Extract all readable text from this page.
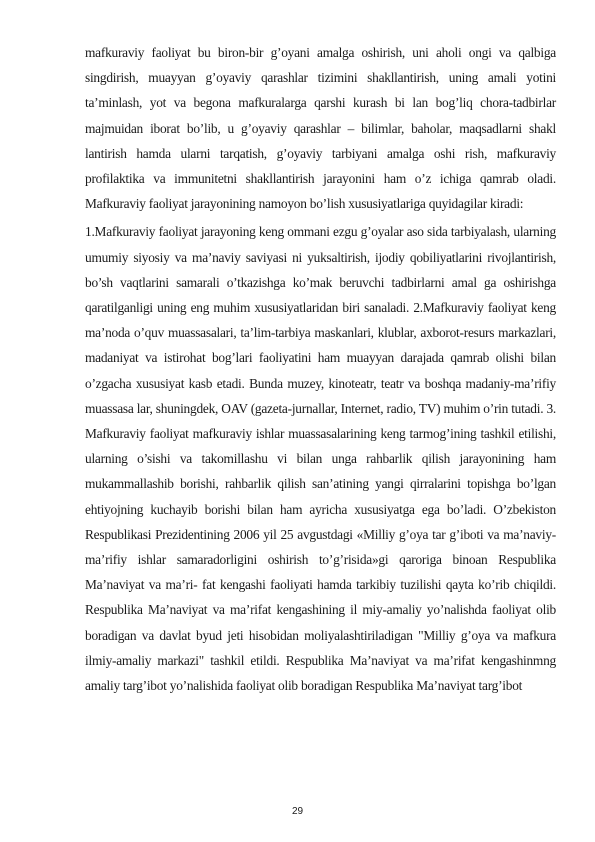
mafkuraviy faoliyat bu biron-bir g’oyani amalga oshirish, uni aholi ongi va qalbiga singdirish, muayyan g’oyaviy qarashlar tizimini shakllantirish, uning amali yotini ta’minlash, yot va begona mafkuralarga qarshi kurash bi lan bog’liq chora-tadbirlar majmuidan iborat bo’lib, u g’oyaviy qarashlar – bilimlar, baholar, maqsadlarni shakl lantirish hamda ularni tarqatish, g’oyaviy tarbiyani amalga oshi rish, mafkuraviy profilaktika va immunitetni shakllantirish jarayonini ham o’z ichiga qamrab oladi. Mafkuraviy faoliyat jarayonining namoyon bo’lish xususiyatlariga quyidagilar kiradi:

1.Mafkuraviy faoliyat jarayoning keng ommani ezgu g’oyalar aso sida tarbiyalash, ularning umumiy siyosiy va ma’naviy saviyasi ni yuksaltirish, ijodiy qobiliyatlarini rivojlantirish, bo’sh vaqtlarini samarali o’tkazishga ko’mak beruvchi tadbirlarni amal ga oshirishga qaratilganligi uning eng muhim xususiyatlaridan biri sanaladi. 2.Mafkuraviy faoliyat keng ma’noda o’quv muassasalari, ta’lim-tarbiya maskanlari, klublar, axborot-resurs markazlari, madaniyat va istirohat bog’lari faoliyatini ham muayyan darajada qamrab olishi bilan o’zgacha xususiyat kasb etadi. Bunda muzey, kinoteatr, teatr va boshqa madaniy-ma’rifiy muassasa lar, shuningdek, OAV (gazeta-jurnallar, Internet, radio, TV) muhim o’rin tutadi. 3. Mafkuraviy faoliyat mafkuraviy ishlar muassasalarining keng tarmog’ining tashkil etilishi, ularning o’sishi va takomillashu vi bilan unga rahbarlik qilish jarayonining ham mukammallashib borishi, rahbarlik qilish san’atining yangi qirralarini topishga bo’lgan ehtiyojning kuchayib borishi bilan ham ayricha xususiyatga ega bo’ladi. O’zbekiston Respublikasi Prezidentining 2006 yil 25 avgustdagi «Milliy g’oya tar g’iboti va ma’naviy-ma’rifiy ishlar samaradorligini oshirish to’g’risida»gi qaroriga binoan Respublika Ma’naviyat va ma’ri- fat kengashi faoliyati hamda tarkibiy tuzilishi qayta ko’rib chiqildi. Respublika Ma’naviyat va ma’rifat kengashining il miy-amaliy yo’nalishda faoliyat olib boradigan va davlat byud jeti hisobidan moliyalashtiriladigan "Milliy g’oya va mafkura ilmiy-amaliy markazi" tashkil etildi. Respublika Ma’naviyat va ma’rifat kengashinmng amaliy targ’ibot yo’nalishida faoliyat olib boradigan Respublika Ma’naviyat targ’ibot

29
